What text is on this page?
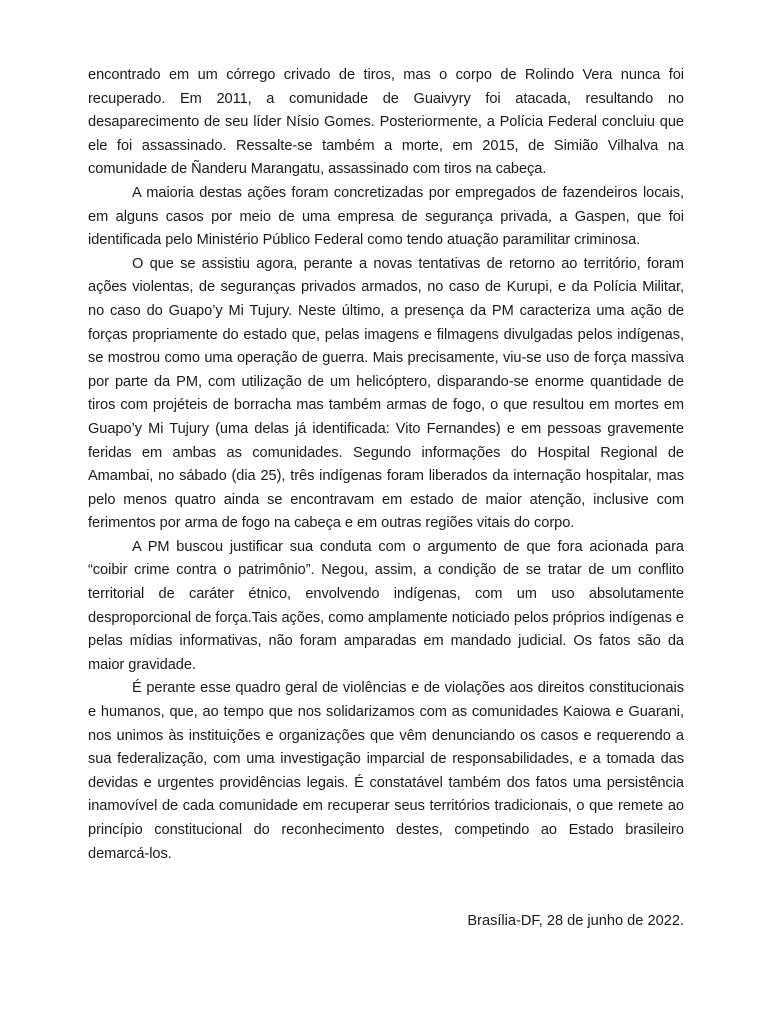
encontrado em um córrego crivado de tiros, mas o corpo de Rolindo Vera nunca foi recuperado. Em 2011, a comunidade de Guaivyry foi atacada, resultando no desaparecimento de seu líder Nísio Gomes. Posteriormente, a Polícia Federal concluiu que ele foi assassinado. Ressalte-se também a morte, em 2015, de Simião Vilhalva na comunidade de Ñanderu Marangatu, assassinado com tiros na cabeça.

A maioria destas ações foram concretizadas por empregados de fazendeiros locais, em alguns casos por meio de uma empresa de segurança privada, a Gaspen, que foi identificada pelo Ministério Público Federal como tendo atuação paramilitar criminosa.

O que se assistiu agora, perante a novas tentativas de retorno ao território, foram ações violentas, de seguranças privados armados, no caso de Kurupi, e da Polícia Militar, no caso do Guapo’y Mi Tujury. Neste último, a presença da PM caracteriza uma ação de forças propriamente do estado que, pelas imagens e filmagens divulgadas pelos indígenas, se mostrou como uma operação de guerra. Mais precisamente, viu-se uso de força massiva por parte da PM, com utilização de um helicóptero, disparando-se enorme quantidade de tiros com projéteis de borracha mas também armas de fogo, o que resultou em mortes em Guapo’y Mi Tujury (uma delas já identificada: Vito Fernandes) e em pessoas gravemente feridas em ambas as comunidades. Segundo informações do Hospital Regional de Amambai, no sábado (dia 25), três indígenas foram liberados da internação hospitalar, mas pelo menos quatro ainda se encontravam em estado de maior atenção, inclusive com ferimentos por arma de fogo na cabeça e em outras regiões vitais do corpo.

A PM buscou justificar sua conduta com o argumento de que fora acionada para “coibir crime contra o patrimônio”. Negou, assim, a condição de se tratar de um conflito territorial de caráter étnico, envolvendo indígenas, com um uso absolutamente desproporcional de força.Tais ações, como amplamente noticiado pelos próprios indígenas e pelas mídias informativas, não foram amparadas em mandado judicial. Os fatos são da maior gravidade.

É perante esse quadro geral de violências e de violações aos direitos constitucionais e humanos, que, ao tempo que nos solidarizamos com as comunidades Kaiowa e Guarani, nos unimos às instituições e organizações que vêm denunciando os casos e requerendo a sua federalização, com uma investigação imparcial de responsabilidades, e a tomada das devidas e urgentes providências legais. É constatável também dos fatos uma persistência inamovível de cada comunidade em recuperar seus territórios tradicionais, o que remete ao princípio constitucional do reconhecimento destes, competindo ao Estado brasileiro demarcá-los.

Brasília-DF, 28 de junho de 2022.
